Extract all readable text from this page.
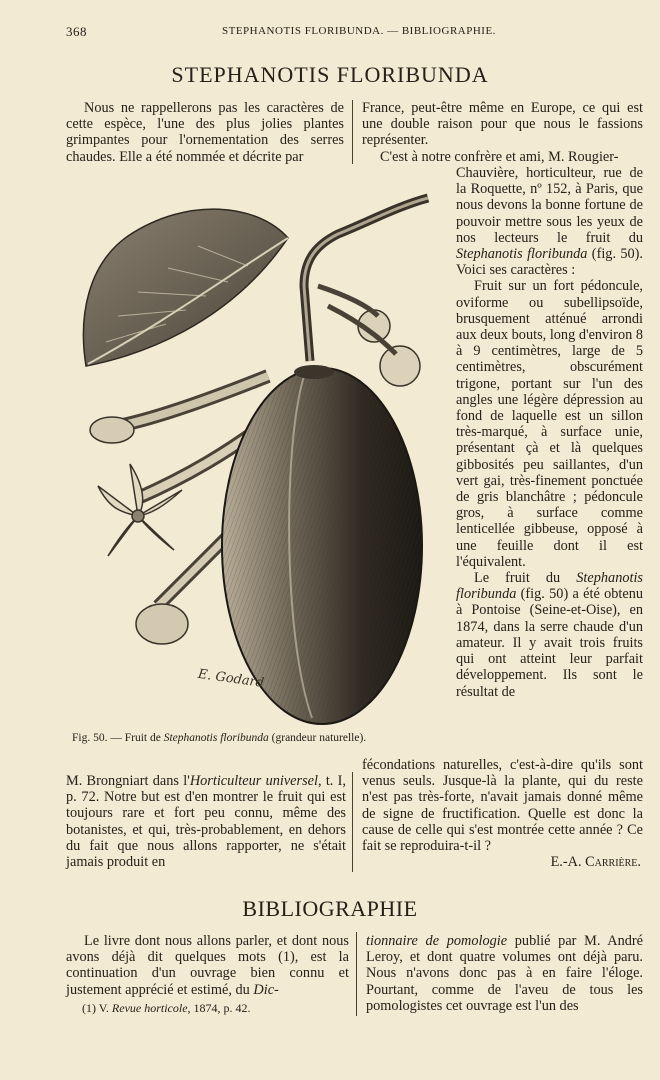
368	STEPHANOTIS FLORIBUNDA. — BIBLIOGRAPHIE.
STEPHANOTIS FLORIBUNDA

Nous ne rappellerons pas les caractères de cette espèce, l'une des plus jolies plantes grimpantes pour l'ornementation des serres chaudes. Elle a été nommée et décrite par

France, peut-être même en Europe, ce qui est une double raison pour que nous le fassions représenter.

C'est à notre confrère et ami, M. Rougier-

Chauvière, horticulteur, rue de la Roquette, nº 152, à Paris, que nous devons la bonne fortune de pouvoir mettre sous les yeux de nos lecteurs le fruit du Stephanotis floribunda (fig. 50). Voici ses caractères :

Fruit sur un fort pédoncule, oviforme ou subellipsoïde, brusquement atténué arrondi aux deux bouts, long d'environ 8 à 9 centimètres, large de 5 centimètres, obscurément trigone, portant sur l'un des angles une légère dépression au fond de laquelle est un sillon très-marqué, à surface unie, présentant çà et là quelques gibbosités peu saillantes, d'un vert gai, très-finement ponctuée de gris blanchâtre ; pédoncule gros, à surface comme lenticellée gibbeuse, opposé à une feuille dont il est l'équivalent.

Le fruit du Stephanotis floribunda (fig. 50) a été obtenu à Pontoise (Seine-et-Oise), en 1874, dans la serre chaude d'un amateur. Il y avait trois fruits qui ont atteint leur parfait développement. Ils sont le résultat de

E. Godard
Fig. 50. — Fruit de Stephanotis floribunda (grandeur naturelle).

fécondations naturelles, c'est-à-dire qu'ils sont venus seuls. Jusque-là la plante, qui du reste n'est pas très-forte, n'avait jamais donné même de signe de fructification. Quelle est donc la cause de celle qui s'est montrée cette année ? Ce fait se reproduira-t-il ?

E.-A. Carrière.

M. Brongniart dans l'Horticulteur universel, t. I, p. 72. Notre but est d'en montrer le fruit qui est toujours rare et fort peu connu, même des botanistes, et qui, très-probablement, en dehors du fait que nous allons rapporter, ne s'était jamais produit en

BIBLIOGRAPHIE

Le livre dont nous allons parler, et dont nous avons déjà dit quelques mots (1), est la continuation d'un ouvrage bien connu et justement apprécié et estimé, du Dic-

tionnaire de pomologie publié par M. André Leroy, et dont quatre volumes ont déjà paru. Nous n'avons donc pas à en faire l'éloge. Pourtant, comme de l'aveu de tous les pomologistes cet ouvrage est l'un des

(1) V. Revue horticole, 1874, p. 42.
